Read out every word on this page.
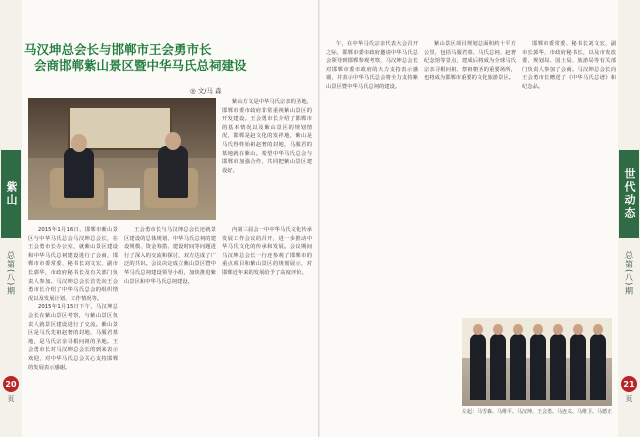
紫山
总第(八)期
20
页
马汉坤总会长与邯郸市王会勇市长
会商邯郸紫山景区暨中华马氏总祠建设
◎ 文/马 森

紫山方文是中华马氏宗亲的圣地，邯郸市委市政府非常重视紫山景区的开发建设。王会勇市长介绍了邯郸市的基本情况以及紫山景区的规划情况，邯郸是赵文化的发祥地，紫山是马氏得姓始祖赵奢的封地，马服君的墓地就在紫山。希望中华马氏总会与邯郸市加强合作，共同把紫山景区建设好。

2015年1月16日，邯郸市紫山景区与中华马氏总会马汉坤总会长，在王会勇市长办公室，就紫山景区建设和中华马氏总祠建设进行了会商，邯郸市市委常委、秘书长刘文宏，副市长郭华，市政府秘书长及有关部门负责人参加。马汉坤总会长首先向王会勇市长介绍了中华马氏总会的组织情况以及发展计划、工作情况等。

2015年1月15日下午，马汉坤总会长在紫山景区考察，与紫山景区负责人就景区建设进行了交流。紫山景区是马氏先祖赵奢的封地，马服君墓地，是马氏宗亲寻根问祖的圣地。王会勇市长对马汉坤总会长的到来表示欢迎，对中华马氏总会关心支持邯郸的发展表示感谢。

王会勇市长与马汉坤总会长还就景区建设的总体规划、中华马氏总祠的建设规模、资金筹措、建设时间等问题进行了深入的交流和探讨，双方达成了广泛的共识。会议决定成立紫山景区暨中华马氏总祠建设领导小组，加快推进紫山景区和中华马氏总祠建设。

内第三届会一中中华马氏文化传承发展工作会议的召开，进一步推动中华马氏文化的传承和发展。会议期间马汉坤总会长一行还参观了邯郸市的重点项目和紫山景区的规划展示，对邯郸近年来的发展给予了高度评价。

世代动态
总第(八)期
21
页

午，在中华马氏宗亲代表大会召开之际，邯郸市委市政府邀请中华马氏总会领导到邯郸参观考察，马汉坤总会长对邯郸市委市政府的大力支持表示感谢，并表示中华马氏总会将全力支持紫山景区暨中华马氏总祠的建设。

紫山景区项目规划总面积约十平方公里，包括马服君墓、马氏总祠、赵奢纪念馆等景点，建成后将成为全球马氏宗亲寻根问祖、祭祖朝圣的重要场所，也将成为邯郸市重要的文化旅游景区。

邯郸市委常委、秘书长刘文宏，副市长郭华，市政府秘书长，以及市发改委、规划局、国土局、旅游局等有关部门负责人参加了会商。马汉坤总会长向王会勇市长赠送了《中华马氏总谱》和纪念品。

左起：马雪森、马维平、马汉坤、王会勇、马连义、马维卫、马德正
